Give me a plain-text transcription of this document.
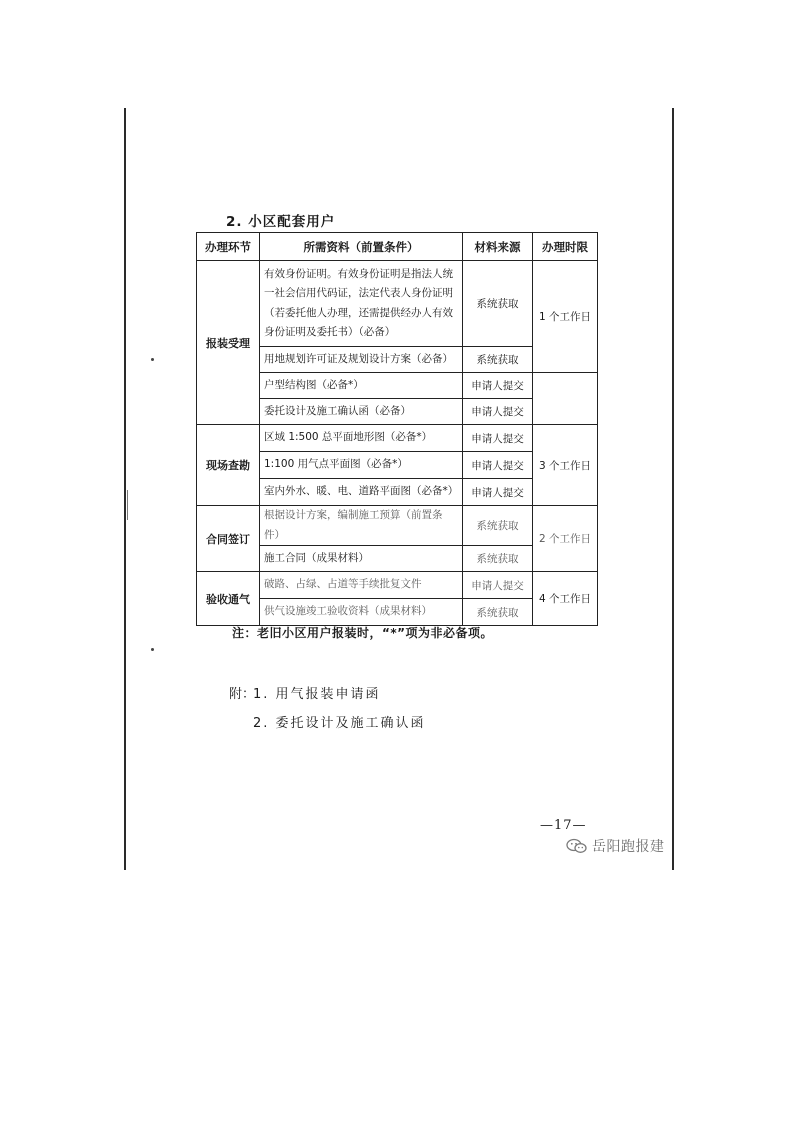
2. 小区配套用户
办理环节	所需资料（前置条件）	材料来源	办理时限
报装受理	有效身份证明。有效身份证明是指法人统一社会信用代码证，法定代表人身份证明（若委托他人办理，还需提供经办人有效身份证明及委托书）（必备）	系统获取	1 个工作日
	用地规划许可证及规划设计方案（必备）	系统获取	
	户型结构图（必备*）	申请人提交	
	委托设计及施工确认函（必备）	申请人提交	
现场查勘	区域 1:500 总平面地形图（必备*）	申请人提交	3 个工作日
	1:100 用气点平面图（必备*）	申请人提交	
	室内外水、暖、电、道路平面图（必备*）	申请人提交	
合同签订	根据设计方案，编制施工预算（前置条件）	系统获取	2 个工作日
	施工合同（成果材料）	系统获取	
验收通气	破路、占绿、占道等手续批复文件	申请人提交	4 个工作日
	供气设施竣工验收资料（成果材料）	系统获取	
注：老旧小区用户报装时，“*”项为非必备项。
附：
1. 用气报装申请函
2. 委托设计及施工确认函
—17—
岳阳跑报建
